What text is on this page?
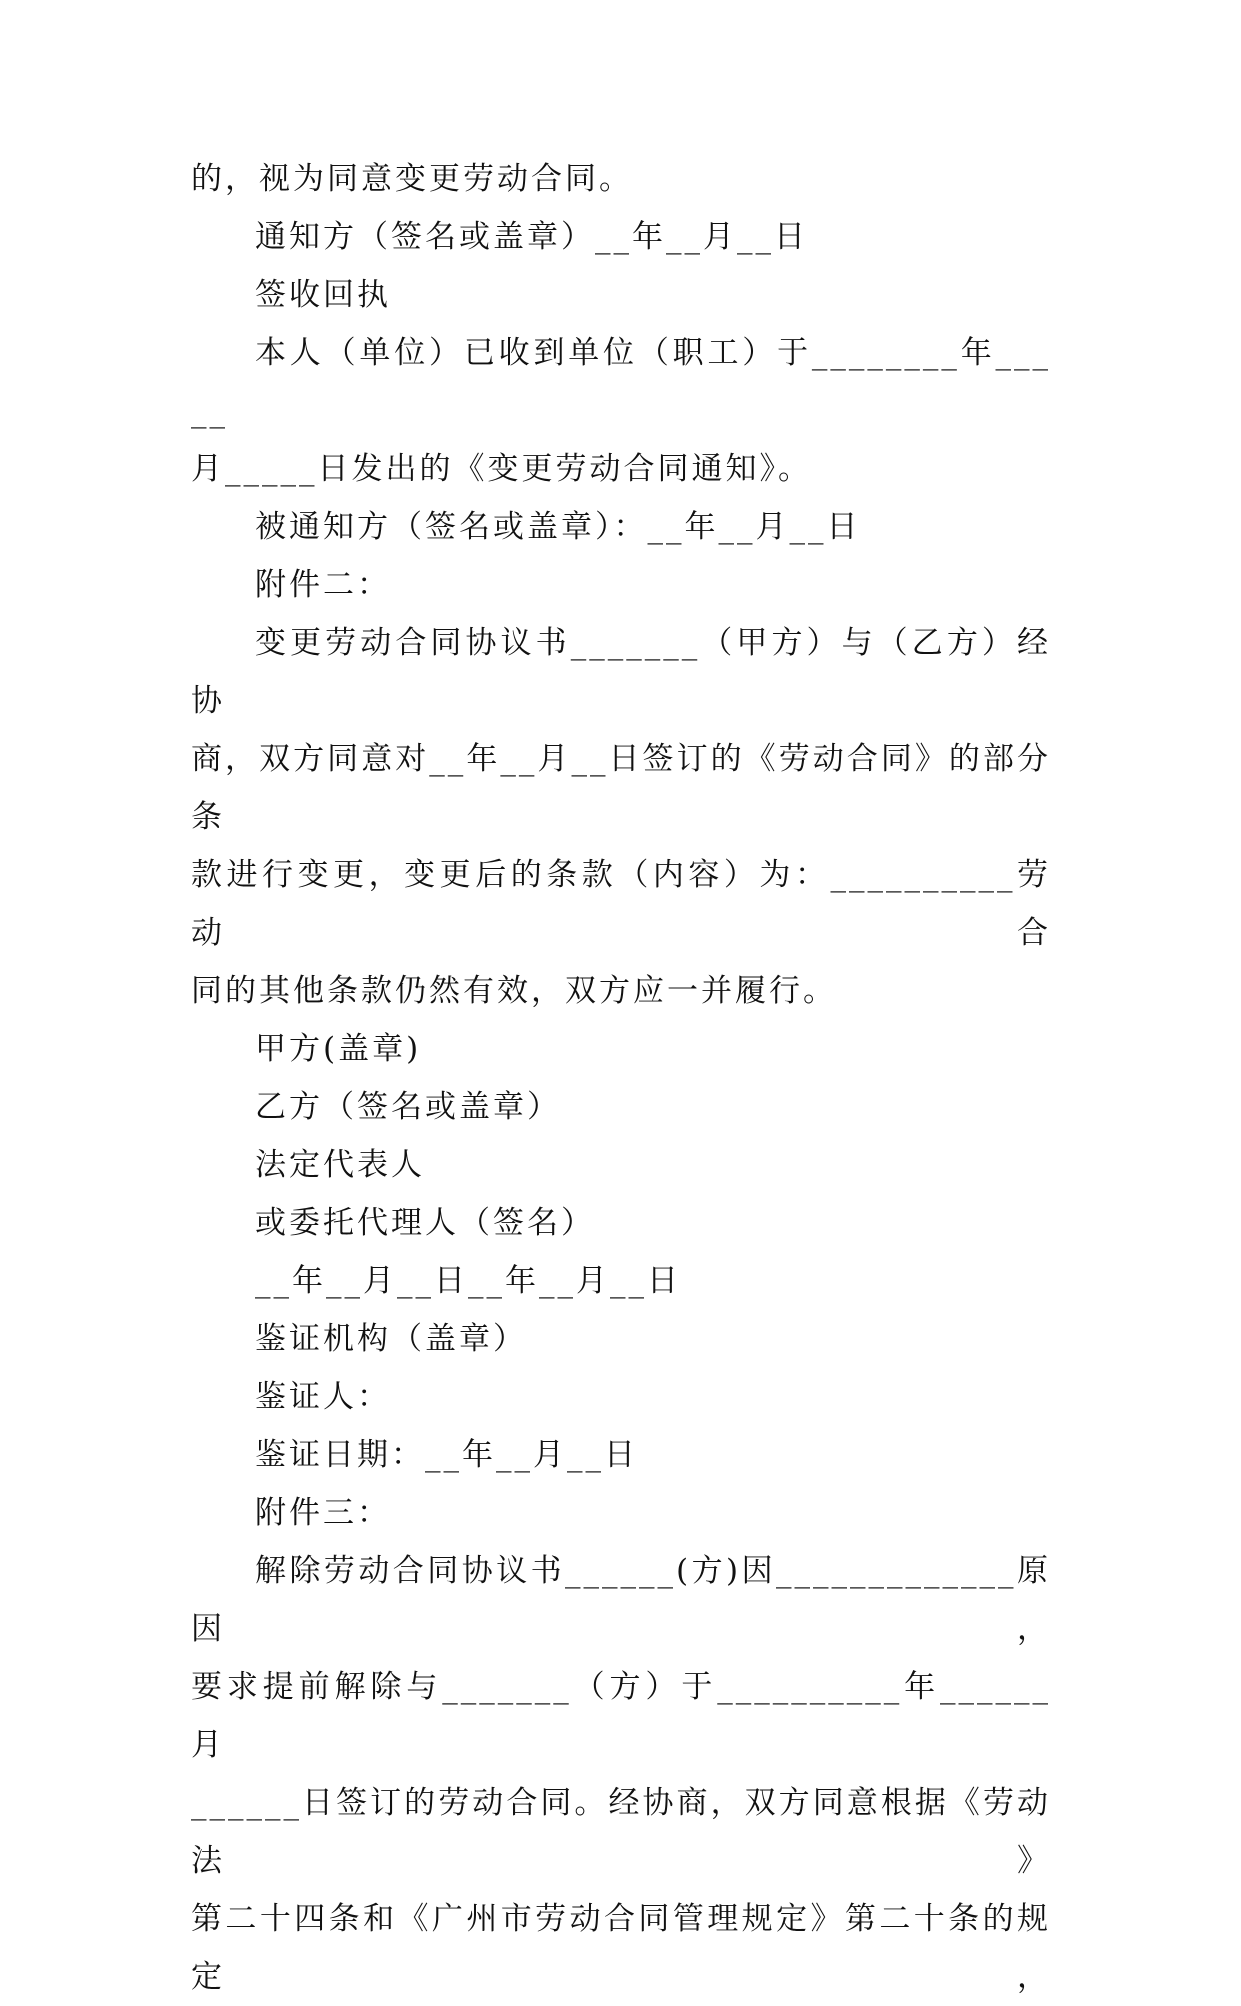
的，视为同意变更劳动合同。

通知方（签名或盖章）__年__月__日

签收回执

本人（单位）已收到单位（职工）于________年_____

月_____日发出的《变更劳动合同通知》。

被通知方（签名或盖章）：__年__月__日

附件二：

变更劳动合同协议书_______（甲方）与（乙方）经协

商，双方同意对__年__月__日签订的《劳动合同》的部分条

款进行变更，变更后的条款（内容）为：__________劳动合

同的其他条款仍然有效，双方应一并履行。

甲方(盖章)

乙方（签名或盖章）

法定代表人

或委托代理人（签名）

__年__月__日__年__月__日

鉴证机构（盖章）

鉴证人：

鉴证日期：__年__月__日

附件三：

解除劳动合同协议书______(方)因_____________原因，

要求提前解除与_______（方）于__________年______月

______日签订的劳动合同。经协商，双方同意根据《劳动法》

第二十四条和《广州市劳动合同管理规定》第二十条的规定，
